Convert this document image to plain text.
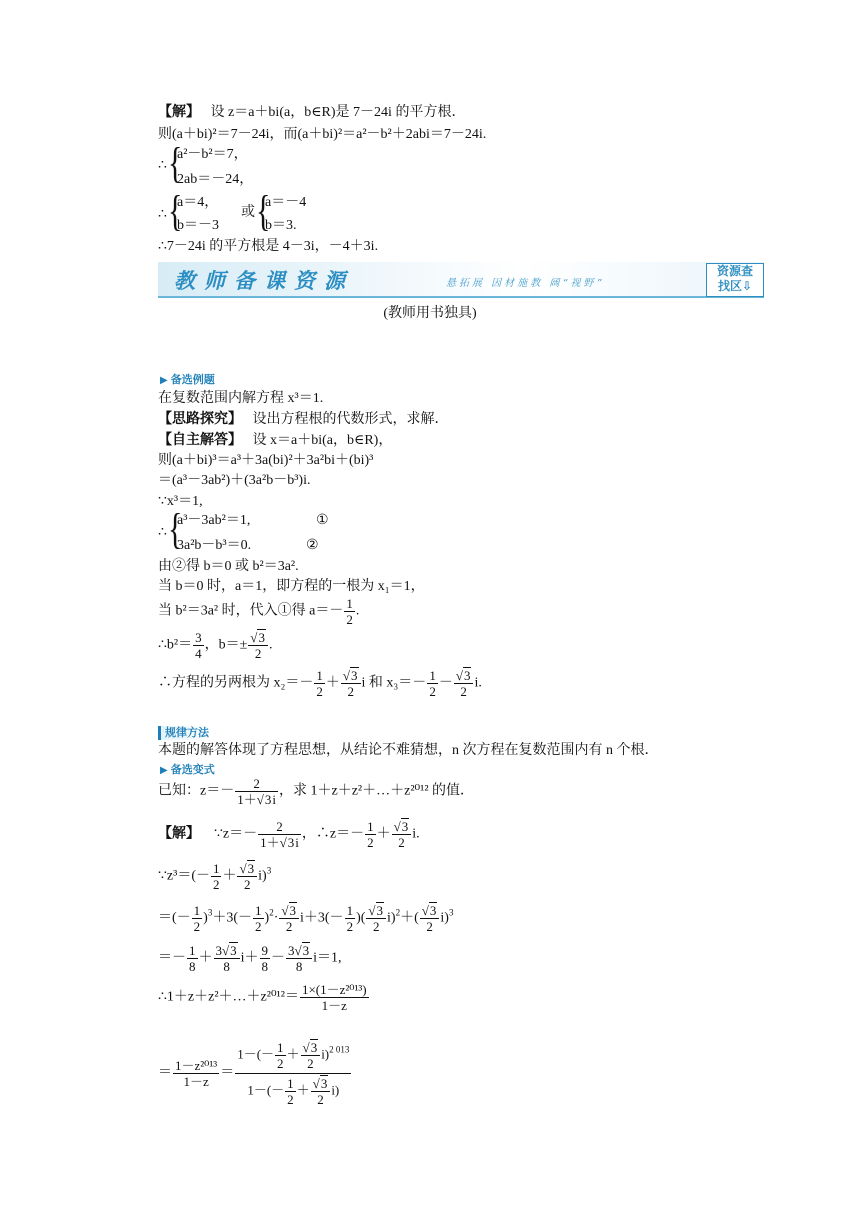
【解】 设 z＝a＋bi(a，b∈R)是 7－24i 的平方根．
则(a＋bi)²＝7－24i，而(a＋bi)²＝a²－b²＋2abi＝7－24i.
∴ {
a²－b²＝7，
2ab＝－24，
∴ {
a＝4，
b＝－3
或 {
a＝－4
b＝3.
∴7－24i 的平方根是 4－3i，－4＋3i.
教师备课资源	悬拓展 因材施教 阔“视野”
资源查
找区⇩
(教师用书独具)
▶ 备选例题
在复数范围内解方程 x³＝1.
【思路探究】 设出方程根的代数形式，求解．
【自主解答】 设 x＝a＋bi(a，b∈R)，
则(a＋bi)³＝a³＋3a(bi)²＋3a²bi＋(bi)³
＝(a³－3ab²)＋(3a²b－b³)i.
∵x³＝1,
∴ {
a³－3ab²＝1,
3a²b－b³＝0.
①
②
由②得 b＝0 或 b²＝3a².
当 b＝0 时，a＝1，即方程的一根为 x₁＝1，
当 b²＝3a² 时，代入①得 $a=- \frac{1}{2}$ .
∴b²＝ $\frac{3}{4}$ ，$b=\pm \frac{√3}{2}$ .
∴方程的另两根为 $x_2=- \frac{1}{2} + \frac{√3}{2}$ i 和 $x_3=- \frac{1}{2} - \frac{√3}{2} i$.
规律方法
本题的解答体现了方程思想，从结论不难猜想，n 次方程在复数范围内有 n 个根．
▶ 备选变式
已知：$z=- \frac{2}{1+√3i}$ ，求 1＋z＋z²＋…＋z²⁰¹² 的值．
【解】 ∵z＝－ $\frac{2}{1+√3i}$ ，∴z＝－ $\frac{1}{2} + \frac{√3}{2} i$.
∵z³＝(－ $\frac{1}{2} + \frac{√3}{2} i)^3$
＝(－ $\frac{1}{2} )^3+3(- \frac{1}{2} )^2\cdot \frac{√3}{2} i+3(- \frac{1}{2}$ )( $\frac{√3}{2} i)^2+( \frac{√3}{2} i)^3$
＝－ $\frac{1}{8} + \frac{3√3}{8} i+ \frac{9}{8} - \frac{3√3}{8} i=1$,
∴1＋z＋z²＋…＋z²⁰¹²＝ $\frac{\text{1×(1－z²⁰¹³)}}{1-z}$
＝ $\frac{\text{1－z²⁰¹³}}{1-z} = \frac{1-(- \frac{1}{2} + \frac{√3}{2} i)^{2 013}}{1-(- \frac{1}{2} + \frac{√3}{2} i)}$
